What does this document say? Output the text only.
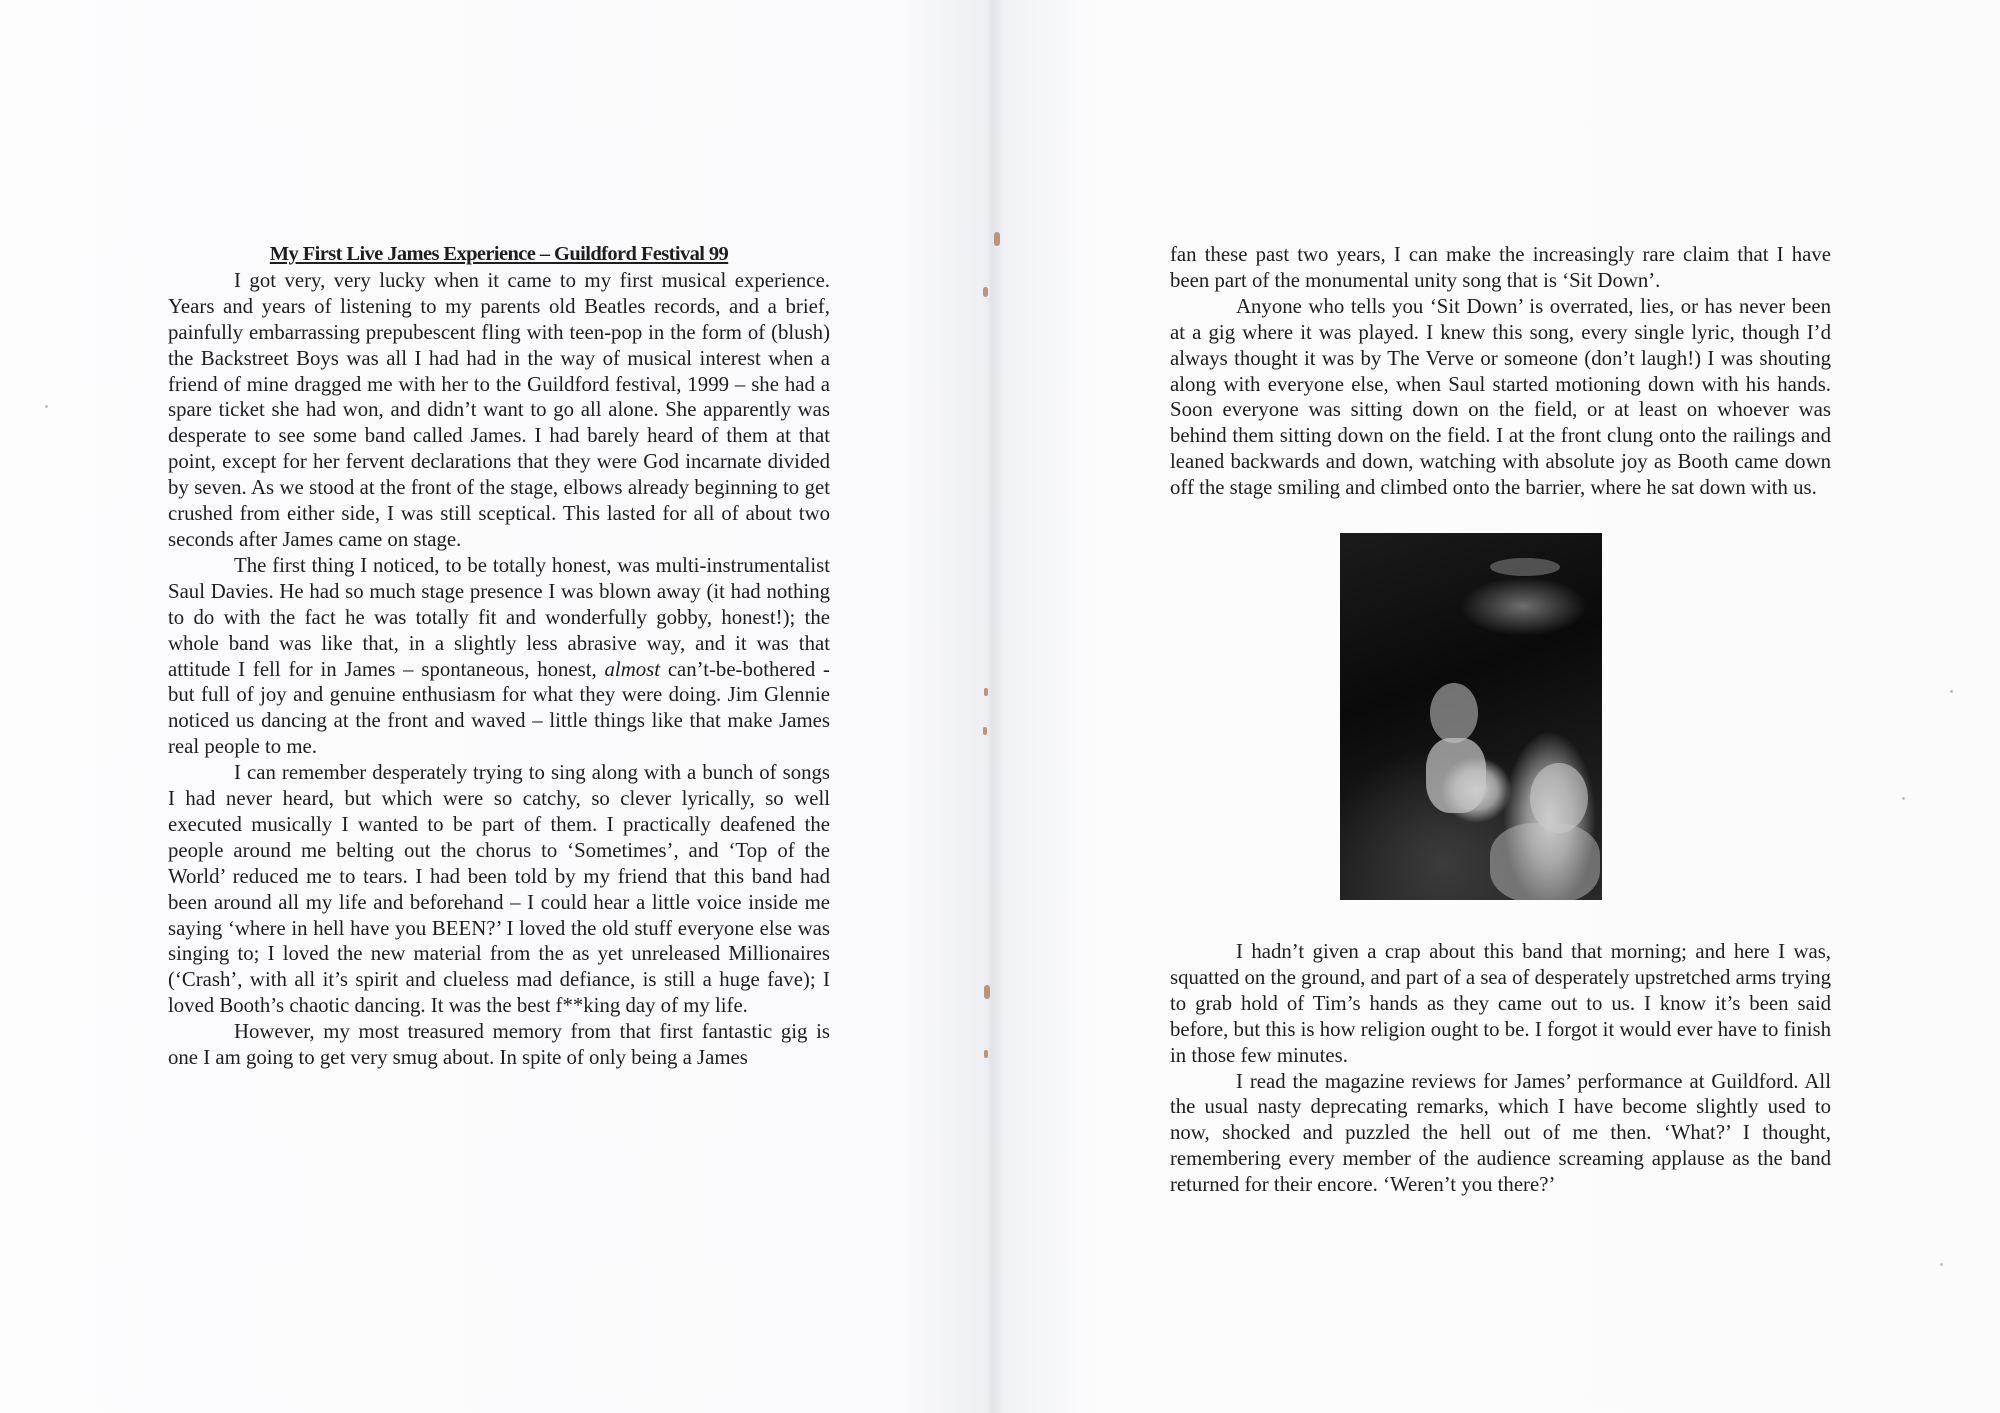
My First Live James Experience – Guildford Festival 99

I got very, very lucky when it came to my first musical experience. Years and years of listening to my parents old Beatles records, and a brief, painfully embarrassing prepubescent fling with teen-pop in the form of (blush) the Backstreet Boys was all I had had in the way of musical interest when a friend of mine dragged me with her to the Guildford festival, 1999 – she had a spare ticket she had won, and didn’t want to go all alone. She apparently was desperate to see some band called James. I had barely heard of them at that point, except for her fervent declarations that they were God incarnate divided by seven. As we stood at the front of the stage, elbows already beginning to get crushed from either side, I was still sceptical. This lasted for all of about two seconds after James came on stage.

The first thing I noticed, to be totally honest, was multi-instrumentalist Saul Davies. He had so much stage presence I was blown away (it had nothing to do with the fact he was totally fit and wonderfully gobby, honest!); the whole band was like that, in a slightly less abrasive way, and it was that attitude I fell for in James – spontaneous, honest, almost can’t-be-bothered - but full of joy and genuine enthusiasm for what they were doing. Jim Glennie noticed us dancing at the front and waved – little things like that make James real people to me.

I can remember desperately trying to sing along with a bunch of songs I had never heard, but which were so catchy, so clever lyrically, so well executed musically I wanted to be part of them. I practically deafened the people around me belting out the chorus to ‘Sometimes’, and ‘Top of the World’ reduced me to tears. I had been told by my friend that this band had been around all my life and beforehand – I could hear a little voice inside me saying ‘where in hell have you BEEN?’ I loved the old stuff everyone else was singing to; I loved the new material from the as yet unreleased Millionaires (‘Crash’, with all it’s spirit and clueless mad defiance, is still a huge fave); I loved Booth’s chaotic dancing. It was the best f**king day of my life.

However, my most treasured memory from that first fantastic gig is one I am going to get very smug about. In spite of only being a James

fan these past two years, I can make the increasingly rare claim that I have been part of the monumental unity song that is ‘Sit Down’.

Anyone who tells you ‘Sit Down’ is overrated, lies, or has never been at a gig where it was played. I knew this song, every single lyric, though I’d always thought it was by The Verve or someone (don’t laugh!) I was shouting along with everyone else, when Saul started motioning down with his hands. Soon everyone was sitting down on the field, or at least on whoever was behind them sitting down on the field. I at the front clung onto the railings and leaned backwards and down, watching with absolute joy as Booth came down off the stage smiling and climbed onto the barrier, where he sat down with us.

I hadn’t given a crap about this band that morning; and here I was, squatted on the ground, and part of a sea of desperately upstretched arms trying to grab hold of Tim’s hands as they came out to us. I know it’s been said before, but this is how religion ought to be. I forgot it would ever have to finish in those few minutes.

I read the magazine reviews for James’ performance at Guildford. All the usual nasty deprecating remarks, which I have become slightly used to now, shocked and puzzled the hell out of me then. ‘What?’ I thought, remembering every member of the audience screaming applause as the band returned for their encore. ‘Weren’t you there?’
